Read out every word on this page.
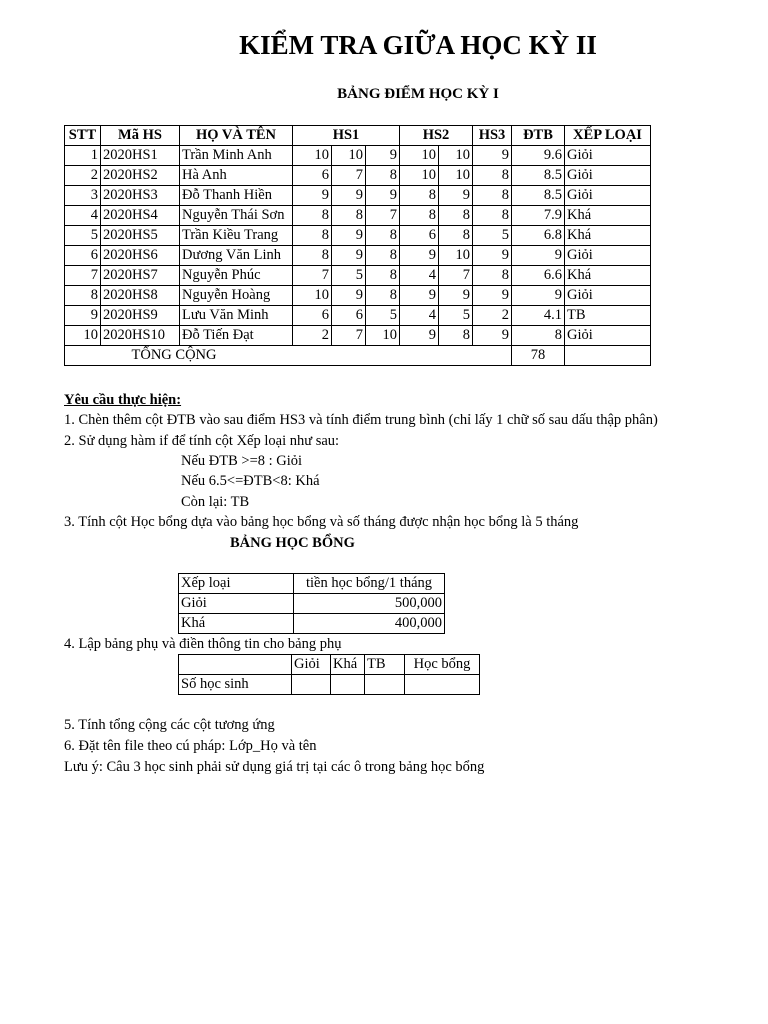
KIỂM TRA GIỮA HỌC KỲ II
BẢNG ĐIỂM HỌC KỲ I
STT	Mã HS	HỌ VÀ TÊN	HS1			HS2		HS3	ĐTB	XẾP LOẠI
1	2020HS1	Trần Minh Anh	10	10	9	10	10	9	9.6	Giỏi
2	2020HS2	Hà Anh	6	7	8	10	10	8	8.5	Giỏi
3	2020HS3	Đỗ Thanh Hiền	9	9	9	8	9	8	8.5	Giỏi
4	2020HS4	Nguyễn Thái Sơn	8	8	7	8	8	8	7.9	Khá
5	2020HS5	Trần Kiều Trang	8	9	8	6	8	5	6.8	Khá
6	2020HS6	Dương Văn Linh	8	9	8	9	10	9	9	Giỏi
7	2020HS7	Nguyễn Phúc	7	5	8	4	7	8	6.6	Khá
8	2020HS8	Nguyễn Hoàng	10	9	8	9	9	9	9	Giỏi
9	2020HS9	Lưu Văn Minh	6	6	5	4	5	2	4.1	TB
10	2020HS10	Đỗ Tiến Đạt	2	7	10	9	8	9	8	Giỏi
TỔNG CỘNG									78	
Yêu cầu thực hiện:
1. Chèn thêm cột ĐTB vào sau điểm HS3 và tính điểm trung bình (chỉ lấy 1 chữ số sau dấu thập phân)
2. Sử dụng hàm if để tính cột Xếp loại như sau:
Nếu ĐTB >=8 : Giỏi
Nếu 6.5<=ĐTB<8: Khá
Còn lại: TB
3. Tính cột Học bổng dựa vào bảng học bổng và số tháng được nhận học bổng là 5 tháng
BẢNG HỌC BỔNG
Xếp loại	tiền học bổng/1 tháng
Giỏi	500,000
Khá	400,000
4. Lập bảng phụ và điền thông tin cho bảng phụ
	Giỏi	Khá	TB	Học bổng
Số học sinh				
5. Tính tổng cộng các cột tương ứng
6. Đặt tên file theo cú pháp: Lớp_Họ và tên
Lưu ý: Câu 3 học sinh phải sử dụng giá trị tại các ô trong bảng học bổng
